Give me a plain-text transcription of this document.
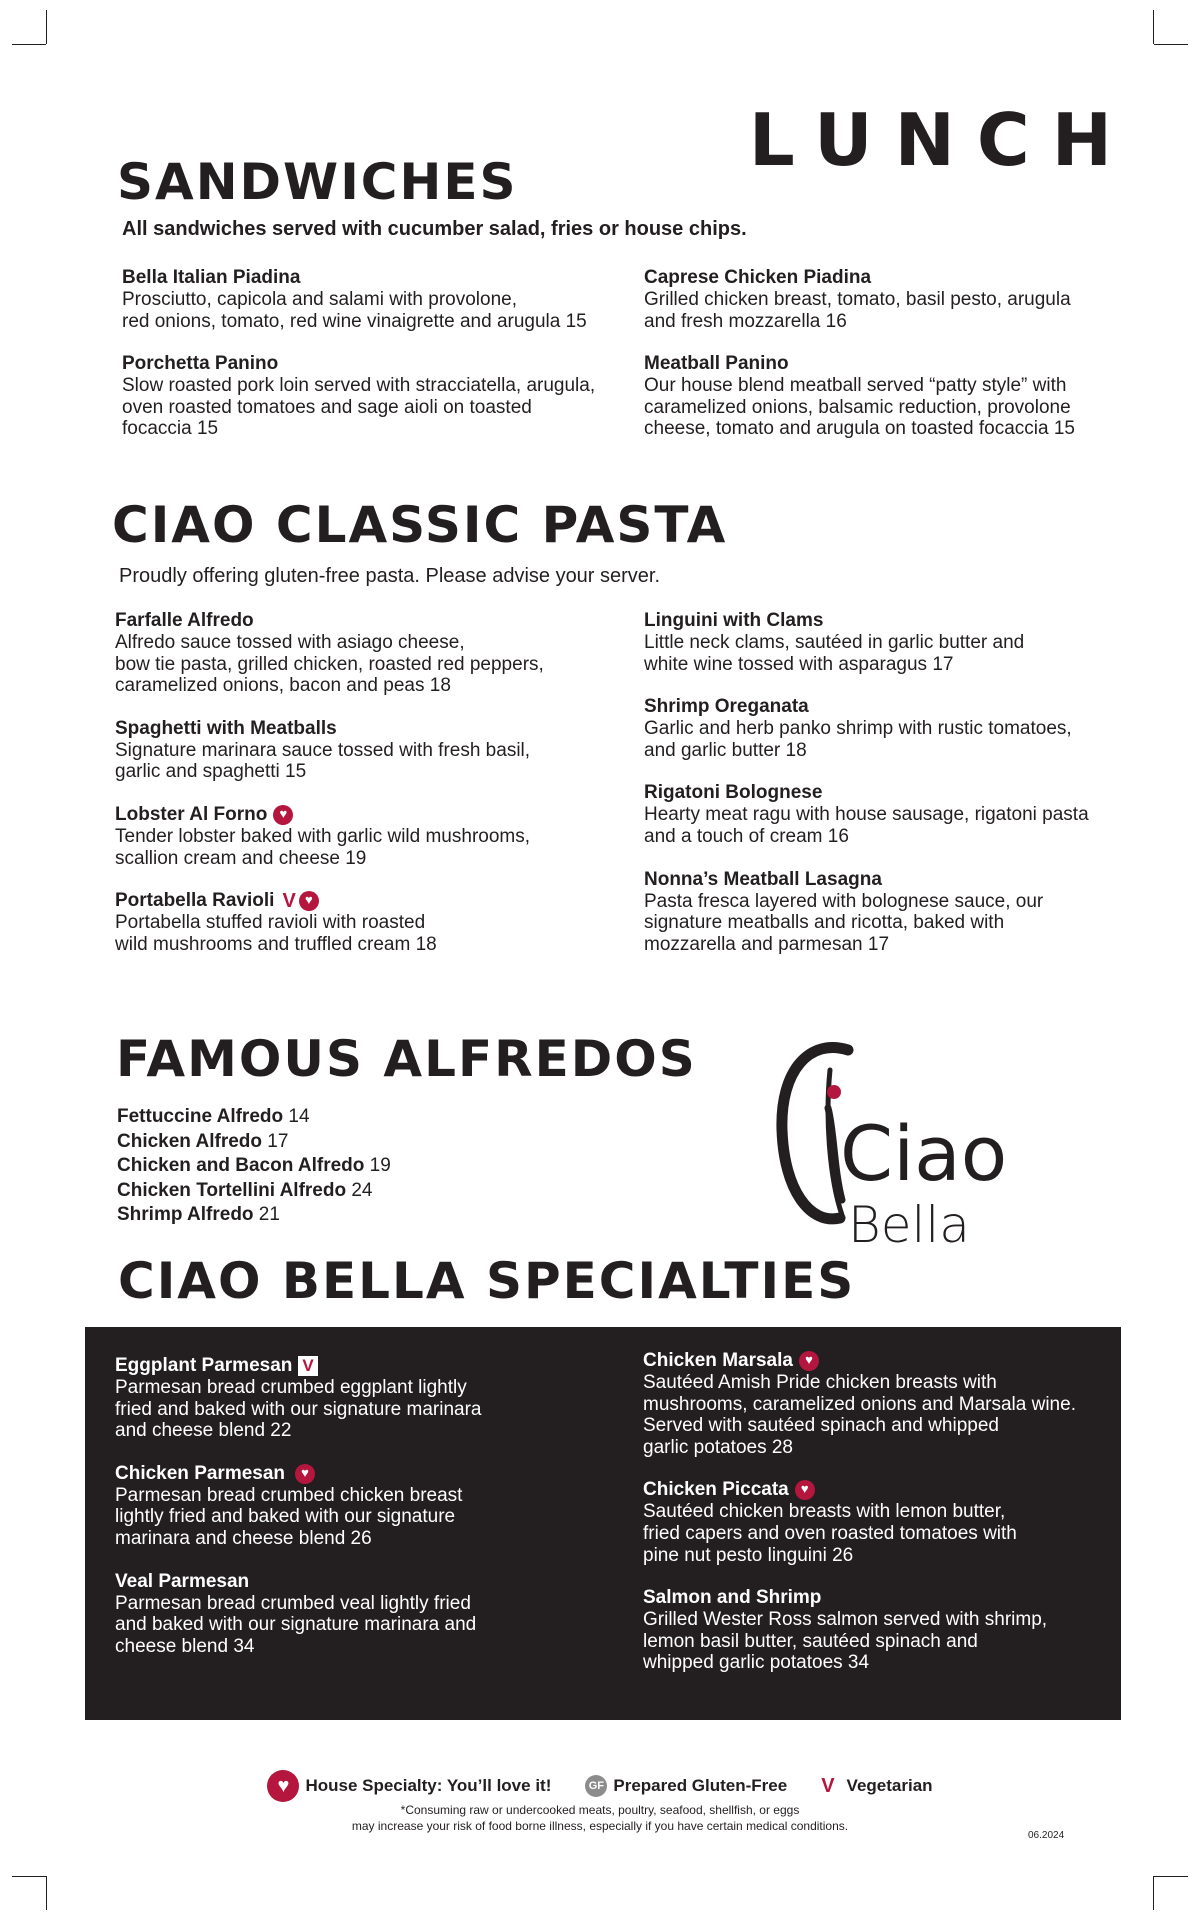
LUNCH
SANDWICHES
All sandwiches served with cucumber salad, fries or house chips.
Bella Italian Piadina
Prosciutto, capicola and salami with provolone,
red onions, tomato, red wine vinaigrette and arugula 15
Porchetta Panino
Slow roasted pork loin served with stracciatella, arugula,
oven roasted tomatoes and sage aioli on toasted
focaccia 15
Caprese Chicken Piadina
Grilled chicken breast, tomato, basil pesto, arugula
and fresh mozzarella 16
Meatball Panino
Our house blend meatball served “patty style” with
caramelized onions, balsamic reduction, provolone
cheese, tomato and arugula on toasted focaccia 15
CIAO CLASSIC PASTA
Proudly offering gluten-free pasta. Please advise your server.
Farfalle Alfredo
Alfredo sauce tossed with asiago cheese,
bow tie pasta, grilled chicken, roasted red peppers,
caramelized onions, bacon and peas 18
Spaghetti with Meatballs
Signature marinara sauce tossed with fresh basil,
garlic and spaghetti 15
Lobster Al Forno
♥
Tender lobster baked with garlic wild mushrooms,
scallion cream and cheese 19
Portabella Ravioli V
♥
Portabella stuffed ravioli with roasted
wild mushrooms and truffled cream 18
Linguini with Clams
Little neck clams, sautéed in garlic butter and
white wine tossed with asparagus 17
Shrimp Oreganata
Garlic and herb panko shrimp with rustic tomatoes,
and garlic butter 18
Rigatoni Bolognese
Hearty meat ragu with house sausage, rigatoni pasta
and a touch of cream 16
Nonna’s Meatball Lasagna
Pasta fresca layered with bolognese sauce, our
signature meatballs and ricotta, baked with
mozzarella and parmesan 17
FAMOUS ALFREDOS
Fettuccine Alfredo 14
Chicken Alfredo 17
Chicken and Bacon Alfredo 19
Chicken Tortellini Alfredo 24
Shrimp Alfredo 21
Ciao
Bella
CIAO BELLA SPECIALTIES
Eggplant Parmesan V
Parmesan bread crumbed eggplant lightly
fried and baked with our signature marinara
and cheese blend 22
Chicken Parmesan
♥
Parmesan bread crumbed chicken breast
lightly fried and baked with our signature
marinara and cheese blend 26
Veal Parmesan
Parmesan bread crumbed veal lightly fried
and baked with our signature marinara and
cheese blend 34
Chicken Marsala
♥
Sautéed Amish Pride chicken breasts with
mushrooms, caramelized onions and Marsala wine.
Served with sautéed spinach and whipped
garlic potatoes 28
Chicken Piccata
♥
Sautéed chicken breasts with lemon butter,
fried capers and oven roasted tomatoes with
pine nut pesto linguini 26
Salmon and Shrimp
Grilled Wester Ross salmon served with shrimp,
lemon basil butter, sautéed spinach and
whipped garlic potatoes 34
♥
House Specialty: You’ll love it!	GF Prepared Gluten-Free V Vegetarian
*Consuming raw or undercooked meats, poultry, seafood, shellfish, or eggs
may increase your risk of food borne illness, especially if you have certain medical conditions.
06.2024
